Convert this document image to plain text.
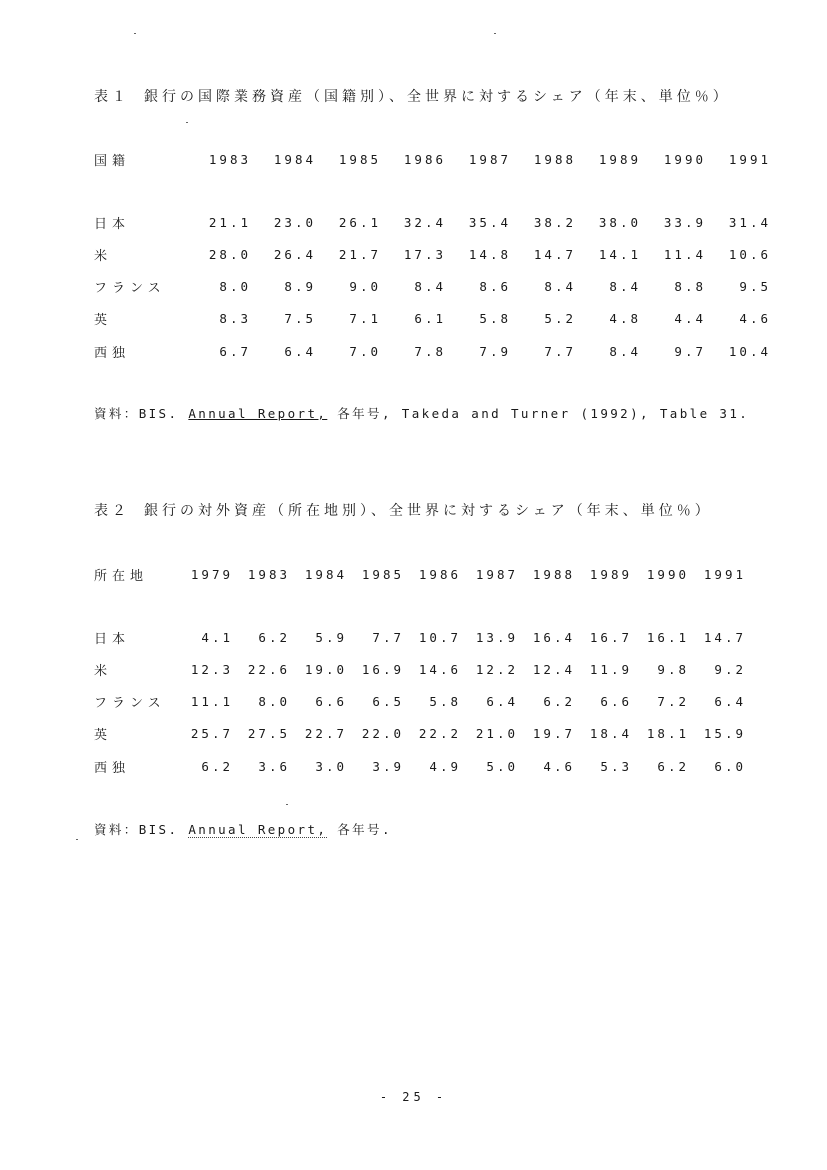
表１ 銀行の国際業務資産（国籍別）、全世界に対するシェア（年末、単位％）
国籍	1983	1984	1985	1986	1987	1988	1989	1990	1991

日本	21.1	23.0	26.1	32.4	35.4	38.2	38.0	33.9	31.4
米	28.0	26.4	21.7	17.3	14.8	14.7	14.1	11.4	10.6
フランス	8.0	8.9	9.0	8.4	8.6	8.4	8.4	8.8	9.5
英	8.3	7.5	7.1	6.1	5.8	5.2	4.8	4.4	4.6
西独	6.7	6.4	7.0	7.8	7.9	7.7	8.4	9.7	10.4
資料：BIS. Annual Report, 各年号, Takeda and Turner (1992), Table 31.
表２ 銀行の対外資産（所在地別）、全世界に対するシェア（年末、単位％）
所在地	1979	1983	1984	1985	1986	1987	1988	1989	1990	1991

日本	4.1	6.2	5.9	7.7	10.7	13.9	16.4	16.7	16.1	14.7
米	12.3	22.6	19.0	16.9	14.6	12.2	12.4	11.9	9.8	9.2
フランス	11.1	8.0	6.6	6.5	5.8	6.4	6.2	6.6	7.2	6.4
英	25.7	27.5	22.7	22.0	22.2	21.0	19.7	18.4	18.1	15.9
西独	6.2	3.6	3.0	3.9	4.9	5.0	4.6	5.3	6.2	6.0
資料：BIS. Annual Report, 各年号.
- 25 -
